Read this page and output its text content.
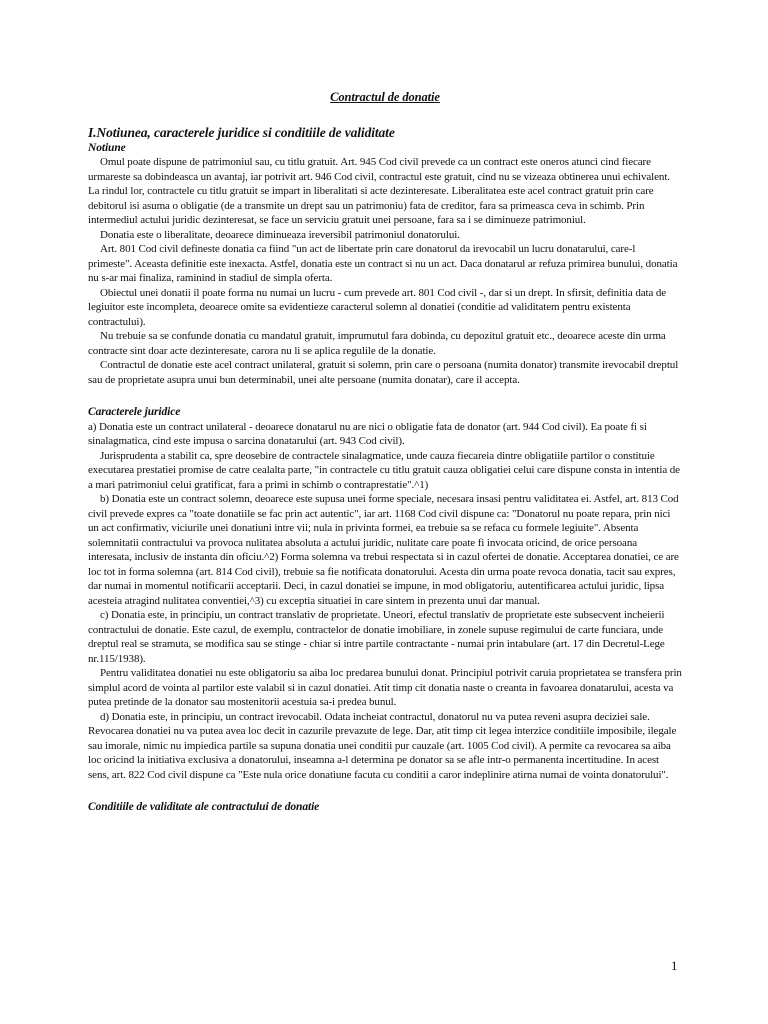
Contractul de donatie
I.Notiunea, caracterele juridice si conditiile de validitate
Notiune

Omul poate dispune de patrimoniul sau, cu titlu gratuit. Art. 945 Cod civil prevede ca un contract este oneros atunci cind fiecare urmareste sa dobindeasca un avantaj, iar potrivit art. 946 Cod civil, contractul este gratuit, cind nu se vizeaza obtinerea unui echivalent. La rindul lor, contractele cu titlu gratuit se impart in liberalitati si acte dezinteresate. Liberalitatea este acel contract gratuit prin care debitorul isi asuma o obligatie (de a transmite un drept sau un patrimoniu) fata de creditor, fara sa primeasca ceva in schimb. Prin intermediul actului juridic dezinteresat, se face un serviciu gratuit unei persoane, fara sa i se diminueze patrimoniul.

Donatia este o liberalitate, deoarece diminueaza ireversibil patrimoniul donatorului.

Art. 801 Cod civil defineste donatia ca fiind "un act de libertate prin care donatorul da irevocabil un lucru donatarului, care-l primeste". Aceasta definitie este inexacta. Astfel, donatia este un contract si nu un act. Daca donatarul ar refuza primirea bunului, donatia nu s-ar mai finaliza, raminind in stadiul de simpla oferta.

Obiectul unei donatii il poate forma nu numai un lucru - cum prevede art. 801 Cod civil -, dar si un drept. In sfirsit, definitia data de legiuitor este incompleta, deoarece omite sa evidentieze caracterul solemn al donatiei (conditie ad validitatem pentru existenta contractului).

Nu trebuie sa se confunde donatia cu mandatul gratuit, imprumutul fara dobinda, cu depozitul gratuit etc., deoarece aceste din urma contracte sint doar acte dezinteresate, carora nu li se aplica regulile de la donatie.

Contractul de donatie este acel contract unilateral, gratuit si solemn, prin care o persoana (numita donator) transmite irevocabil dreptul sau de proprietate asupra unui bun determinabil, unei alte persoane (numita donatar), care il accepta.

Caracterele juridice

a) Donatia este un contract unilateral - deoarece donatarul nu are nici o obligatie fata de donator (art. 944 Cod civil). Ea poate fi si sinalagmatica, cind este impusa o sarcina donatarului (art. 943 Cod civil).

Jurisprudenta a stabilit ca, spre deosebire de contractele sinalagmatice, unde cauza fiecareia dintre obligatiile partilor o constituie executarea prestatiei promise de catre cealalta parte, "in contractele cu titlu gratuit cauza obligatiei celui care dispune consta in intentia de a mari patrimoniul celui gratificat, fara a primi in schimb o contraprestatie".^1)

b) Donatia este un contract solemn, deoarece este supusa unei forme speciale, necesara insasi pentru validitatea ei. Astfel, art. 813 Cod civil prevede expres ca "toate donatiile se fac prin act autentic", iar art. 1168 Cod civil dispune ca: "Donatorul nu poate repara, prin nici un act confirmativ, viciurile unei donatiuni intre vii; nula in privinta formei, ea trebuie sa se refaca cu formele legiuite". Absenta solemnitatii contractului va provoca nulitatea absoluta a actului juridic, nulitate care poate fi invocata oricind, de orice persoana interesata, inclusiv de instanta din oficiu.^2) Forma solemna va trebui respectata si in cazul ofertei de donatie. Acceptarea donatiei, ce are loc tot in forma solemna (art. 814 Cod civil), trebuie sa fie notificata donatorului. Acesta din urma poate revoca donatia, tacit sau expres, dar numai in momentul notificarii acceptarii. Deci, in cazul donatiei se impune, in mod obligatoriu, autentificarea actului juridic, lipsa acesteia atragind nulitatea conventiei,^3) cu exceptia situatiei in care sintem in prezenta unui dar manual.

c) Donatia este, in principiu, un contract translativ de proprietate. Uneori, efectul translativ de proprietate este subsecvent incheierii contractului de donatie. Este cazul, de exemplu, contractelor de donatie imobiliare, in zonele supuse regimului de carte funciara, unde dreptul real se stramuta, se modifica sau se stinge - chiar si intre partile contractante - numai prin intabulare (art. 17 din Decretul-Lege nr.115/1938).

Pentru validitatea donatiei nu este obligatoriu sa aiba loc predarea bunului donat. Principiul potrivit caruia proprietatea se transfera prin simplul acord de vointa al partilor este valabil si in cazul donatiei. Atit timp cit donatia naste o creanta in favoarea donatarului, acesta va putea pretinde de la donator sau mostenitorii acestuia sa-i predea bunul.

d) Donatia este, in principiu, un contract irevocabil. Odata incheiat contractul, donatorul nu va putea reveni asupra deciziei sale. Revocarea donatiei nu va putea avea loc decit in cazurile prevazute de lege. Dar, atit timp cit legea interzice conditiile imposibile, ilegale sau imorale, nimic nu impiedica partile sa supuna donatia unei conditii pur cauzale (art. 1005 Cod civil). A permite ca revocarea sa aiba loc oricind la initiativa exclusiva a donatorului, inseamna a-l determina pe donator sa se afle intr-o permanenta incertitudine. In acest sens, art. 822 Cod civil dispune ca "Este nula orice donatiune facuta cu conditii a caror indeplinire atirna numai de vointa donatorului".

Conditiile de validitate ale contractului de donatie
1
